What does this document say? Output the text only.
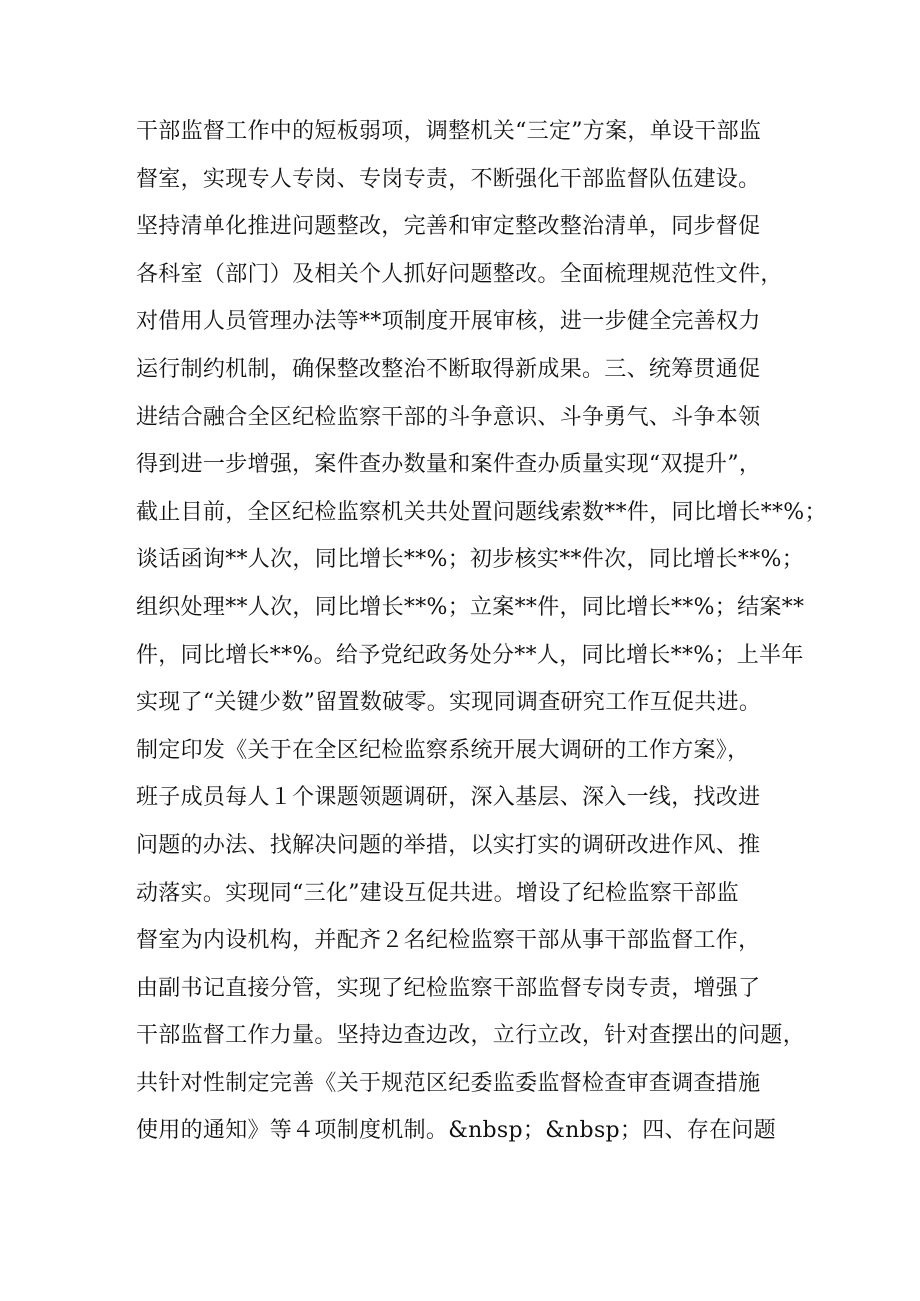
干部监督工作中的短板弱项，调整机关“三定”方案，单设干部监
督室，实现专人专岗、专岗专责，不断强化干部监督队伍建设。
坚持清单化推进问题整改，完善和审定整改整治清单，同步督促
各科室（部门）及相关个人抓好问题整改。全面梳理规范性文件，
对借用人员管理办法等**项制度开展审核，进一步健全完善权力
运行制约机制，确保整改整治不断取得新成果。三、统筹贯通促
进结合融合全区纪检监察干部的斗争意识、斗争勇气、斗争本领
得到进一步增强，案件查办数量和案件查办质量实现“双提升”，
截止目前，全区纪检监察机关共处置问题线索数**件，同比增长**%；
谈话函询**人次，同比增长**%；初步核实**件次，同比增长**%；
组织处理**人次，同比增长**%；立案**件，同比增长**%；结案**
件，同比增长**%。给予党纪政务处分**人，同比增长**%；上半年
实现了“关键少数”留置数破零。实现同调查研究工作互促共进。
制定印发《关于在全区纪检监察系统开展大调研的工作方案》，
班子成员每人１个课题领题调研，深入基层、深入一线，找改进
问题的办法、找解决问题的举措，以实打实的调研改进作风、推
动落实。实现同“三化”建设互促共进。增设了纪检监察干部监
督室为内设机构，并配齐２名纪检监察干部从事干部监督工作，
由副书记直接分管，实现了纪检监察干部监督专岗专责，增强了
干部监督工作力量。坚持边查边改，立行立改，针对查摆出的问题，
共针对性制定完善《关于规范区纪委监委监督检查审查调查措施
使用的通知》等４项制度机制。&nbsp；&nbsp；四、存在问题
